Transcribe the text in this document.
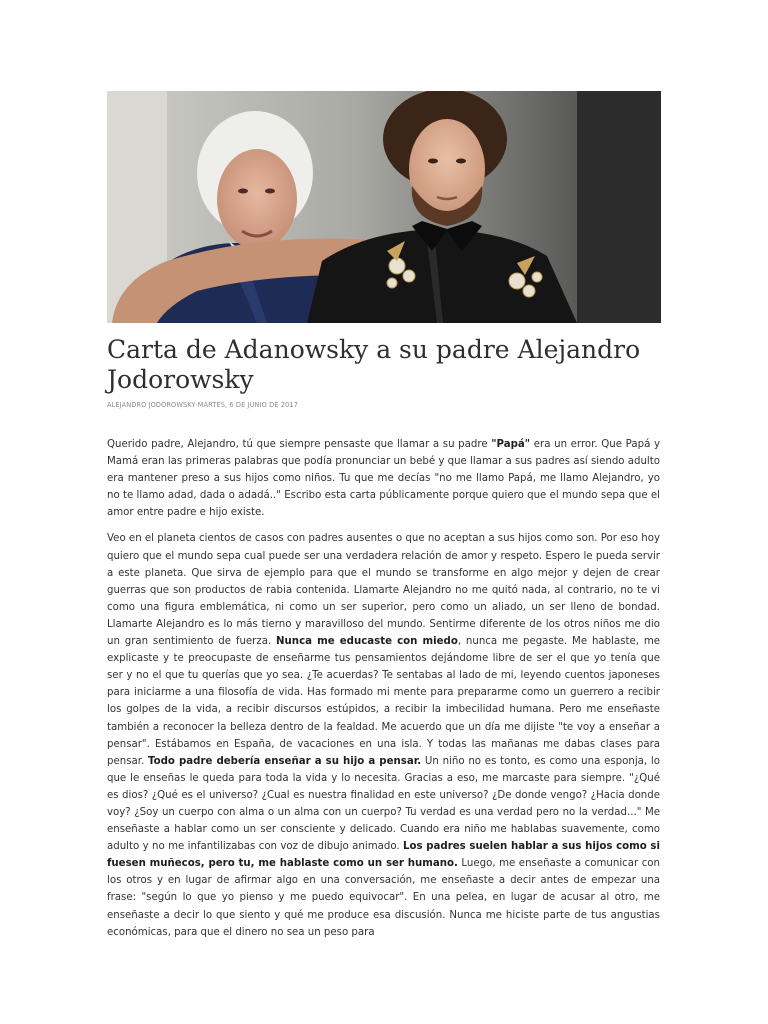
Carta de Adanowsky a su padre Alejandro Jodorowsky
ALEJANDRO JODOROWSKY·MARTES, 6 DE JUNIO DE 2017

Querido padre, Alejandro, tú que siempre pensaste que llamar a su padre "Papá" era un error. Que Papá y Mamá eran las primeras palabras que podía pronunciar un bebé y que llamar a sus padres así siendo adulto era mantener preso a sus hijos como niños. Tu que me decías "no me llamo Papá, me llamo Alejandro, yo no te llamo adad, dada o adadá.." Escribo esta carta públicamente porque quiero que el mundo sepa que el amor entre padre e hijo existe.

Veo en el planeta cientos de casos con padres ausentes o que no aceptan a sus hijos como son. Por eso hoy quiero que el mundo sepa cual puede ser una verdadera relación de amor y respeto. Espero le pueda servir a este planeta. Que sirva de ejemplo para que el mundo se transforme en algo mejor y dejen de crear guerras que son productos de rabia contenida. Llamarte Alejandro no me quitó nada, al contrario, no te vi como una figura emblemática, ni como un ser superior, pero como un aliado, un ser lleno de bondad. Llamarte Alejandro es lo más tierno y maravilloso del mundo. Sentirme diferente de los otros niños me dio un gran sentimiento de fuerza. Nunca me educaste con miedo, nunca me pegaste. Me hablaste, me explicaste y te preocupaste de enseñarme tus pensamientos dejándome libre de ser el que yo tenía que ser y no el que tu querías que yo sea. ¿Te acuerdas? Te sentabas al lado de mi, leyendo cuentos japoneses para iniciarme a una filosofía de vida. Has formado mi mente para prepararme como un guerrero a recibir los golpes de la vida, a recibir discursos estúpidos, a recibir la imbecilidad humana. Pero me enseñaste también a reconocer la belleza dentro de la fealdad. Me acuerdo que un día me dijiste "te voy a enseñar a pensar". Estábamos en España, de vacaciones en una isla. Y todas las mañanas me dabas clases para pensar. Todo padre debería enseñar a su hijo a pensar. Un niño no es tonto, es como una esponja, lo que le enseñas le queda para toda la vida y lo necesita. Gracias a eso, me marcaste para siempre. "¿Qué es dios? ¿Qué es el universo? ¿Cual es nuestra finalidad en este universo? ¿De donde vengo? ¿Hacia donde voy? ¿Soy un cuerpo con alma o un alma con un cuerpo? Tu verdad es una verdad pero no la verdad..." Me enseñaste a hablar como un ser consciente y delicado. Cuando era niño me hablabas suavemente, como adulto y no me infantilizabas con voz de dibujo animado. Los padres suelen hablar a sus hijos como si fuesen muñecos, pero tu, me hablaste como un ser humano. Luego, me enseñaste a comunicar con los otros y en lugar de afirmar algo en una conversación, me enseñaste a decir antes de empezar una frase: "según lo que yo pienso y me puedo equivocar". En una pelea, en lugar de acusar al otro, me enseñaste a decir lo que siento y qué me produce esa discusión. Nunca me hiciste parte de tus angustias económicas, para que el dinero no sea un peso para
